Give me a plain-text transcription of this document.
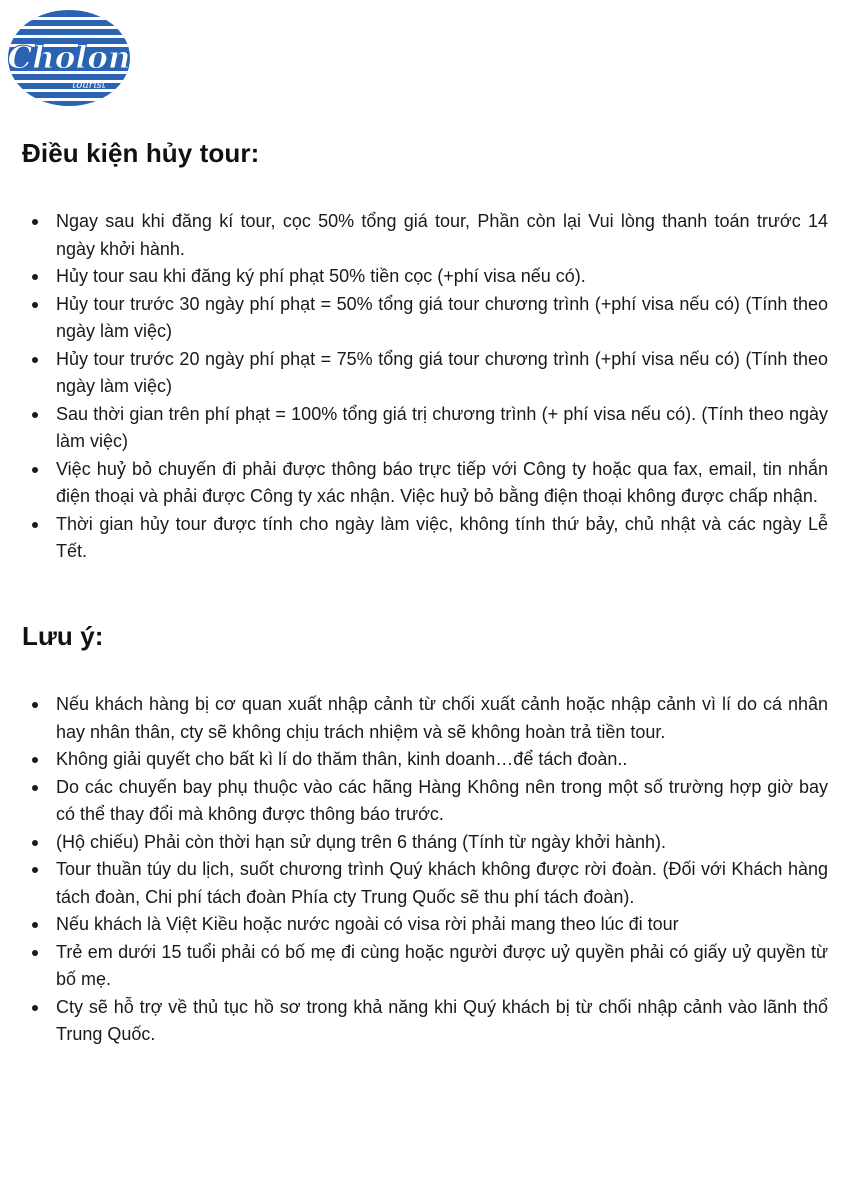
Cholon
tourist
Điều kiện hủy tour:
Ngay sau khi đăng kí tour, cọc 50% tổng giá tour, Phần còn lại Vui lòng thanh toán trước 14 ngày khởi hành.
Hủy tour sau khi đăng ký phí phạt 50% tiền cọc (+phí visa nếu có).
Hủy tour trước 30 ngày phí phạt = 50% tổng giá tour chương trình (+phí visa nếu có) (Tính theo ngày làm việc)
Hủy tour trước 20 ngày phí phạt = 75% tổng giá tour chương trình (+phí visa nếu có) (Tính theo ngày làm việc)
Sau thời gian trên phí phạt = 100% tổng giá trị chương trình (+ phí visa nếu có). (Tính theo ngày làm việc)
Việc huỷ bỏ chuyến đi phải được thông báo trực tiếp với Công ty hoặc qua fax, email, tin nhắn điện thoại và phải được Công ty xác nhận. Việc huỷ bỏ bằng điện thoại không được chấp nhận.
Thời gian hủy tour được tính cho ngày làm việc, không tính thứ bảy, chủ nhật và các ngày Lễ Tết.
Lưu ý:
Nếu khách hàng bị cơ quan xuất nhập cảnh từ chối xuất cảnh hoặc nhập cảnh vì lí do cá nhân hay nhân thân, cty sẽ không chịu trách nhiệm và sẽ không hoàn trả tiền tour.
Không giải quyết cho bất kì lí do thăm thân, kinh doanh…để tách đoàn..
Do các chuyến bay phụ thuộc vào các hãng Hàng Không nên trong một số trường hợp giờ bay có thể thay đổi mà không được thông báo trước.
(Hộ chiếu) Phải còn thời hạn sử dụng trên 6 tháng (Tính từ ngày khởi hành).
Tour thuần túy du lịch, suốt chương trình Quý khách không được rời đoàn. (Đối với Khách hàng tách đoàn, Chi phí tách đoàn Phía cty Trung Quốc sẽ thu phí tách đoàn).
Nếu khách là Việt Kiều hoặc nước ngoài có visa rời phải mang theo lúc đi tour
Trẻ em dưới 15 tuổi phải có bố mẹ đi cùng hoặc người được uỷ quyền phải có giấy uỷ quyền từ bố mẹ.
Cty sẽ hỗ trợ về thủ tục hồ sơ trong khả năng khi Quý khách bị từ chối nhập cảnh vào lãnh thổ Trung Quốc.
